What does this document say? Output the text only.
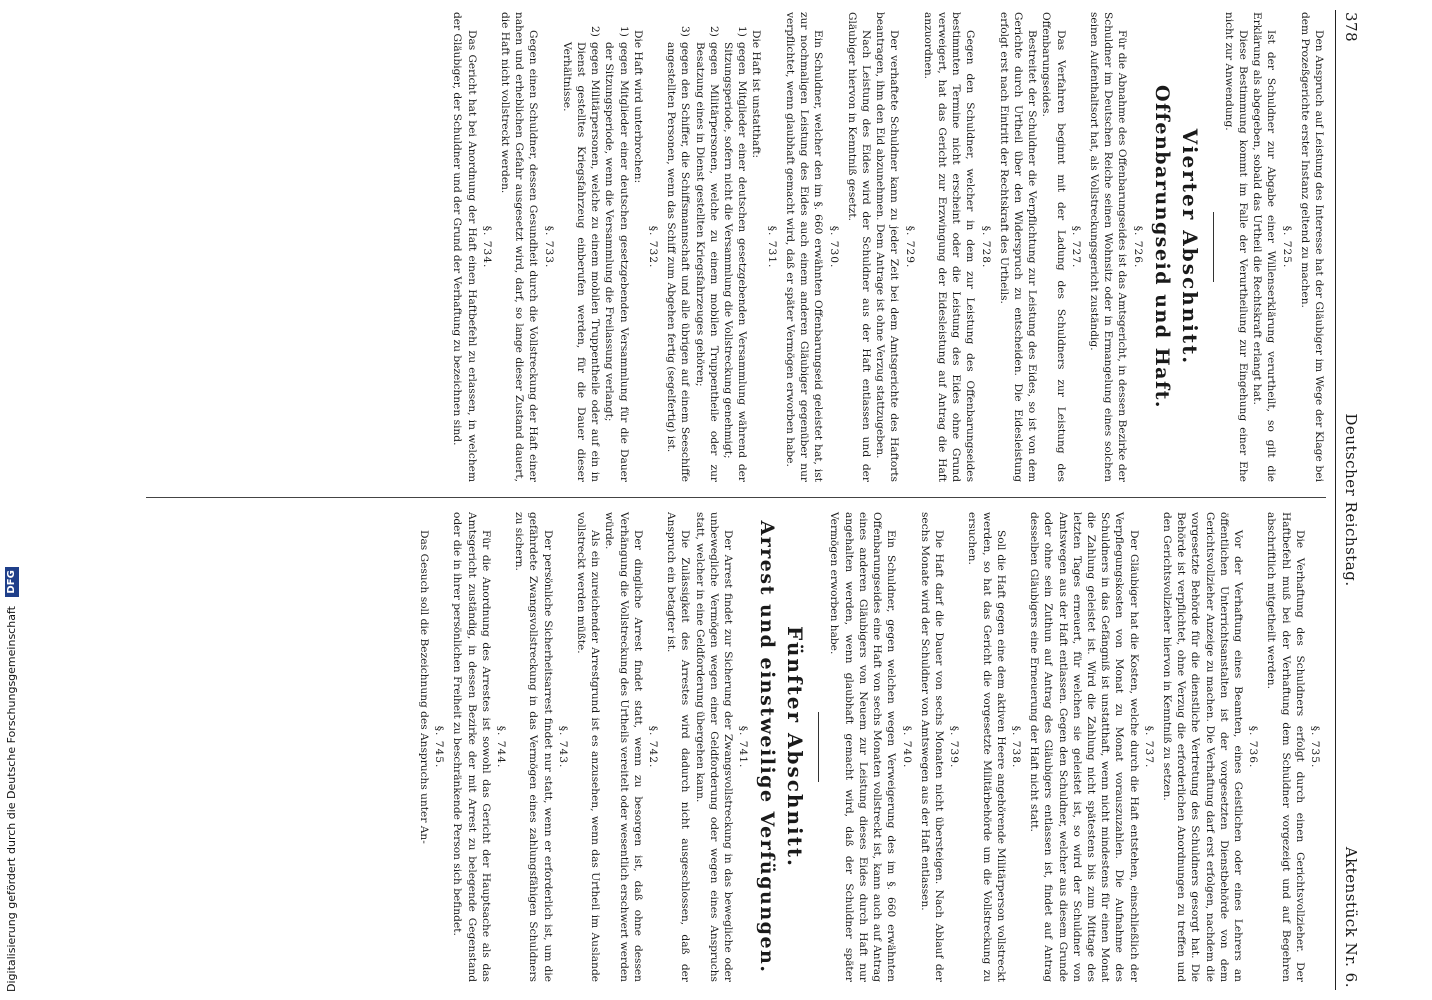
378
Deutscher Reichstag.
Aktenstück Nr. 6.

Den Anspruch auf Leistung des Interesse hat der Gläubiger im Wege der Klage bei dem Prozeßgerichte erster Instanz geltend zu machen.

§. 725.

Ist der Schuldner zur Abgabe einer Willenserklärung verurtheilt, so gilt die Erklärung als abgegeben, sobald das Urtheil die Rechtskraft erlangt hat.

Diese Bestimmung kommt im Falle der Verurtheilung zur Eingehung einer Ehe nicht zur Anwendung.

Vierter Abschnitt.
Offenbarungseid und Haft.
§. 726.

Für die Abnahme des Offenbarungseides ist das Amtsgericht, in dessen Bezirke der Schuldner im Deutschen Reiche seinen Wohnsitz oder in Ermangelung eines solchen seinen Aufenthaltsort hat, als Vollstreckungsgericht zuständig.

§. 727.

Das Verfahren beginnt mit der Ladung des Schuldners zur Leistung des Offenbarungseides.

Bestreitet der Schuldner die Verpflichtung zur Leistung des Eides, so ist von dem Gerichte durch Urtheil über den Widerspruch zu entscheiden. Die Eidesleistung erfolgt erst nach Eintritt der Rechtskraft des Urtheils.

§. 728.

Gegen den Schuldner, welcher in dem zur Leistung des Offenbarungseides bestimmten Termine nicht erscheint oder die Leistung des Eides ohne Grund verweigert, hat das Gericht zur Erzwingung der Eidesleistung auf Antrag die Haft anzuordnen.

§. 729.

Der verhaftete Schuldner kann zu jeder Zeit bei dem Amtsgerichte des Haftorts beantragen, ihm den Eid abzunehmen. Dem Antrage ist ohne Verzug stattzugeben.

Nach Leistung des Eides wird der Schuldner aus der Haft entlassen und der Gläubiger hiervon in Kenntniß gesetzt.

§. 730.

Ein Schuldner, welcher den im §. 660 erwähnten Offenbarungseid geleistet hat, ist zur nochmaligen Leistung des Eides auch einem anderen Gläubiger gegenüber nur verpflichtet, wenn glaubhaft gemacht wird, daß er später Vermögen erworben habe.

§. 731.

Die Haft ist unstatthaft:

1)gegen Mitglieder einer deutschen gesetzgebenden Versammlung während der Sitzungsperiode, sofern nicht die Versammlung die Vollstreckung genehmigt;

2)gegen Militärpersonen, welche zu einem mobilen Truppentheile oder zur Besatzung eines in Dienst gestellten Kriegsfahrzeuges gehören;

3)gegen den Schiffer, die Schiffsmannschaft und alle übrigen auf einem Seeschiffe angestellten Personen, wenn das Schiff zum Abgehen fertig (segelfertig) ist.

§. 732.

Die Haft wird unterbrochen:

1)gegen Mitglieder einer deutschen gesetzgebenden Versammlung für die Dauer der Sitzungsperiode, wenn die Versammlung die Freilassung verlangt;

2)gegen Militärpersonen, welche zu einem mobilen Truppentheile oder auf ein in Dienst gestelltes Kriegsfahrzeug einberufen werden, für die Dauer dieser Verhältnisse.

§. 733.

Gegen einen Schuldner, dessen Gesundheit durch die Vollstreckung der Haft einer nahen und erheblichen Gefahr ausgesetzt wird, darf, so lange dieser Zustand dauert, die Haft nicht vollstreckt werden.

§. 734.

Das Gericht hat bei Anordnung der Haft einen Haftbefehl zu erlassen, in welchem der Gläubiger, der Schuldner und der Grund der Verhaftung zu bezeichnen sind.

§. 735.

Die Verhaftung des Schuldners erfolgt durch einen Gerichtsvollzieher. Der Haftbefehl muß bei der Verhaftung dem Schuldner vorgezeigt und auf Begehren abschriftlich mitgetheilt werden.

§. 736.

Vor der Verhaftung eines Beamten, eines Geistlichen oder eines Lehrers an öffentlichen Unterrichtsanstalten ist der vorgesetzten Dienstbehörde von dem Gerichtsvollzieher Anzeige zu machen. Die Verhaftung darf erst erfolgen, nachdem die vorgesetzte Behörde für die dienstliche Vertretung des Schuldners gesorgt hat. Die Behörde ist verpflichtet, ohne Verzug die erforderlichen Anordnungen zu treffen und den Gerichtsvollzieher hiervon in Kenntniß zu setzen.

§. 737.

Der Gläubiger hat die Kosten, welche durch die Haft entstehen, einschließlich der Verpflegungskosten von Monat zu Monat vorauszuzahlen. Die Aufnahme des Schuldners in das Gefängniß ist unstatthaft, wenn nicht mindestens für einen Monat die Zahlung geleistet ist. Wird die Zahlung nicht spätestens bis zum Mittage des letzten Tages erneuert, für welchen sie geleistet ist, so wird der Schuldner von Amtswegen aus der Haft entlassen. Gegen den Schuldner, welcher aus diesem Grunde oder ohne sein Zuthun auf Antrag des Gläubigers entlassen ist, findet auf Antrag desselben Gläubigers eine Erneuerung der Haft nicht statt.

§. 738.

Soll die Haft gegen eine dem aktiven Heere angehörende Militärperson vollstreckt werden, so hat das Gericht die vorgesetzte Militärbehörde um die Vollstreckung zu ersuchen.

§. 739.

Die Haft darf die Dauer von sechs Monaten nicht übersteigen. Nach Ablauf der sechs Monate wird der Schuldner von Amtswegen aus der Haft entlassen.

§. 740.

Ein Schuldner, gegen welchen wegen Verweigerung des im §. 660 erwähnten Offenbarungseides eine Haft von sechs Monaten vollstreckt ist, kann auch auf Antrag eines anderen Gläubigers von Neuem zur Leistung dieses Eides durch Haft nur angehalten werden, wenn glaubhaft gemacht wird, daß der Schuldner später Vermögen erworben habe.

Fünfter Abschnitt.
Arrest und einstweilige Verfügungen.
§. 741.

Der Arrest findet zur Sicherung der Zwangsvollstreckung in das bewegliche oder unbewegliche Vermögen wegen einer Geldforderung oder wegen eines Anspruchs statt, welcher in eine Geldforderung übergehen kann.

Die Zulässigkeit des Arrestes wird dadurch nicht ausgeschlossen, daß der Anspruch ein betagter ist.

§. 742.

Der dingliche Arrest findet statt, wenn zu besorgen ist, daß ohne dessen Verhängung die Vollstreckung des Urtheils vereitelt oder wesentlich erschwert werden würde.

Als ein zureichender Arrestgrund ist es anzusehen, wenn das Urtheil im Auslande vollstreckt werden müßte.

§. 743.

Der persönliche Sicherheitsarrest findet nur statt, wenn er erforderlich ist, um die gefährdete Zwangsvollstreckung in das Vermögen eines zahlungsfähigen Schuldners zu sichern.

§. 744.

Für die Anordnung des Arrestes ist sowohl das Gericht der Hauptsache als das Amtsgericht zuständig, in dessen Bezirke der mit Arrest zu belegende Gegenstand oder die in ihrer persönlichen Freiheit zu beschränkende Person sich befindet.

§. 745.

Das Gesuch soll die Bezeichnung des Anspruchs unter An-

Digitalisierung gefördert durch die Deutsche Forschungsgemeinschaft DFG
